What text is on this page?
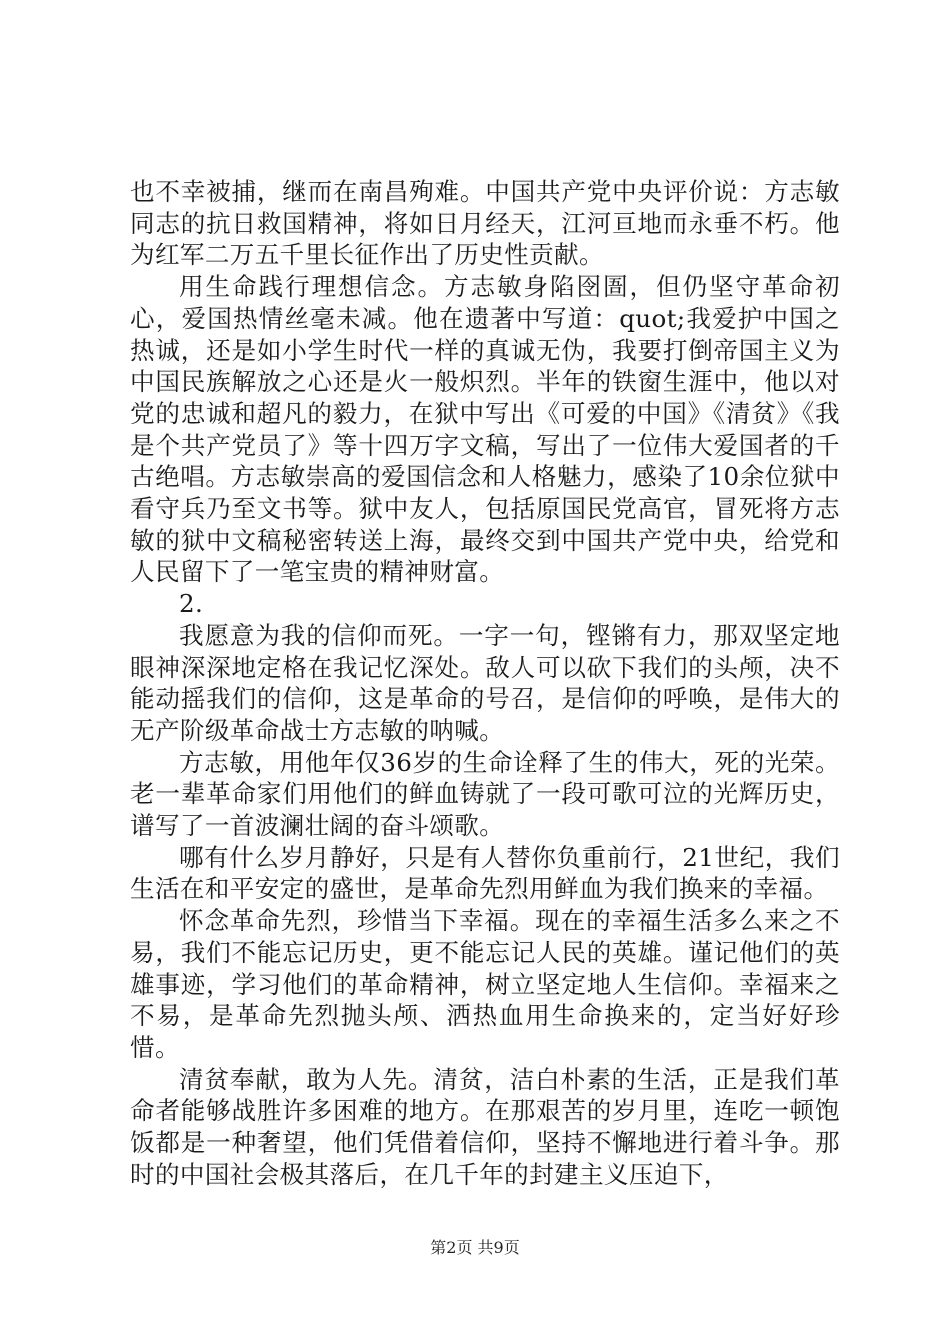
也不幸被捕，继而在南昌殉难。中国共产党中央评价说：方志敏同志的抗日救国精神，将如日月经天，江河亘地而永垂不朽。他为红军二万五千里长征作出了历史性贡献。

用生命践行理想信念。方志敏身陷囹圄，但仍坚守革命初心，爱国热情丝毫未减。他在遗著中写道：quot;我爱护中国之热诚，还是如小学生时代一样的真诚无伪，我要打倒帝国主义为中国民族解放之心还是火一般炽烈。半年的铁窗生涯中，他以对党的忠诚和超凡的毅力，在狱中写出《可爱的中国》《清贫》《我是个共产党员了》等十四万字文稿，写出了一位伟大爱国者的千古绝唱。方志敏崇高的爱国信念和人格魅力，感染了10余位狱中看守兵乃至文书等。狱中友人，包括原国民党高官，冒死将方志敏的狱中文稿秘密转送上海，最终交到中国共产党中央，给党和人民留下了一笔宝贵的精神财富。

2.

我愿意为我的信仰而死。一字一句，铿锵有力，那双坚定地眼神深深地定格在我记忆深处。敌人可以砍下我们的头颅，决不能动摇我们的信仰，这是革命的号召，是信仰的呼唤，是伟大的无产阶级革命战士方志敏的呐喊。

方志敏，用他年仅36岁的生命诠释了生的伟大，死的光荣。老一辈革命家们用他们的鲜血铸就了一段可歌可泣的光辉历史，谱写了一首波澜壮阔的奋斗颂歌。

哪有什么岁月静好，只是有人替你负重前行，21世纪，我们生活在和平安定的盛世，是革命先烈用鲜血为我们换来的幸福。

怀念革命先烈，珍惜当下幸福。现在的幸福生活多么来之不易，我们不能忘记历史，更不能忘记人民的英雄。谨记他们的英雄事迹，学习他们的革命精神，树立坚定地人生信仰。幸福来之不易，是革命先烈抛头颅、洒热血用生命换来的，定当好好珍惜。

清贫奉献，敢为人先。清贫，洁白朴素的生活，正是我们革命者能够战胜许多困难的地方。在那艰苦的岁月里，连吃一顿饱饭都是一种奢望，他们凭借着信仰，坚持不懈地进行着斗争。那时的中国社会极其落后，在几千年的封建主义压迫下，

第2页 共9页
